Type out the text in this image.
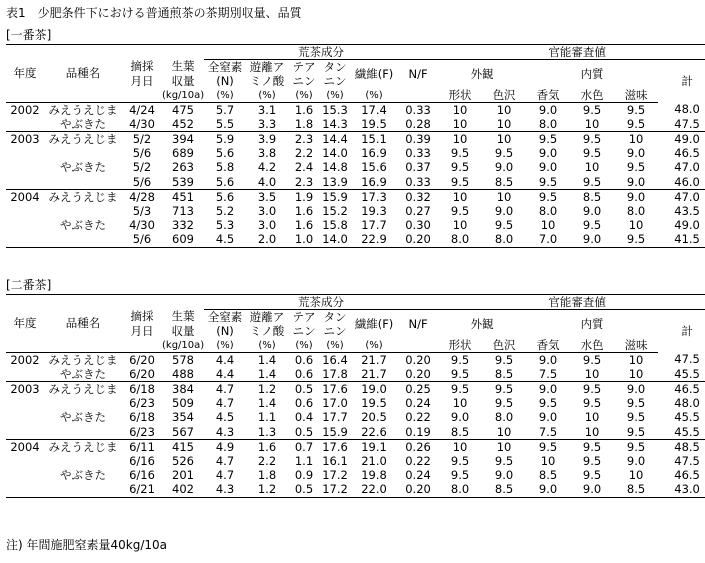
表1　少肥条件下における普通煎茶の茶期別収量、品質
[一番茶]
[二番茶]
				荒茶成分						官能審査値					
年度	品種名	摘採	生葉	全窒素	遊離ア	テア	タン	繊維(F)	N/F	外観		内質			計
		月日	収量	(N)	ミノ酸	ニン	ニン								
			(kg/10a)	(%)	(%)	(%)	(%)	(%)		形状	色沢	香気	水色	滋味	
2002	みえうえじま	4/24	475	5.7	3.1	1.6	15.3	17.4	0.33	10	10	9.0	9.5	9.5	48.0
	やぶきた	4/30	452	5.5	3.3	1.8	14.3	19.5	0.28	10	10	8.0	10	9.5	47.5
2003	みえうえじま	5/2	394	5.9	3.9	2.3	14.4	15.1	0.39	10	10	9.5	9.5	10	49.0
		5/6	689	5.6	3.8	2.2	14.0	16.9	0.33	9.5	9.5	9.0	9.5	9.0	46.5
	やぶきた	5/2	263	5.8	4.2	2.4	14.8	15.6	0.37	9.5	9.0	9.0	10	9.5	47.0
		5/6	539	5.6	4.0	2.3	13.9	16.9	0.33	9.5	8.5	9.5	9.5	9.0	46.0
2004	みえうえじま	4/28	451	5.6	3.5	1.9	15.9	17.3	0.32	10	10	9.5	8.5	9.0	47.0
		5/3	713	5.2	3.0	1.6	15.2	19.3	0.27	9.5	9.0	8.0	9.0	8.0	43.5
	やぶきた	4/30	332	5.3	3.0	1.6	15.8	17.7	0.30	10	9.5	10	9.5	10	49.0
		5/6	609	4.5	2.0	1.0	14.0	22.9	0.20	8.0	8.0	7.0	9.0	9.5	41.5
				荒茶成分						官能審査値					
年度	品種名	摘採	生葉	全窒素	遊離ア	テア	タン	繊維(F)	N/F	外観		内質			計
		月日	収量	(N)	ミノ酸	ニン	ニン								
			(kg/10a)	(%)	(%)	(%)	(%)	(%)		形状	色沢	香気	水色	滋味	
2002	みえうえじま	6/20	578	4.4	1.4	0.6	16.4	21.7	0.20	9.5	9.5	9.0	9.5	10	47.5
	やぶきた	6/20	488	4.4	1.4	0.6	17.8	21.7	0.20	9.5	8.5	7.5	10	10	45.5
2003	みえうえじま	6/18	384	4.7	1.2	0.5	17.6	19.0	0.25	9.5	9.5	9.0	9.5	9.0	46.5
		6/23	509	4.7	1.4	0.6	17.0	19.5	0.24	10	9.5	9.5	9.5	9.5	48.0
	やぶきた	6/18	354	4.5	1.1	0.4	17.7	20.5	0.22	9.0	8.0	9.0	10	9.5	45.5
		6/23	567	4.3	1.3	0.5	15.9	22.6	0.19	8.5	10	7.5	10	9.5	45.5
2004	みえうえじま	6/11	415	4.9	1.6	0.7	17.6	19.1	0.26	10	10	9.5	9.5	9.5	48.5
		6/16	526	4.7	2.2	1.1	16.1	21.0	0.22	9.5	9.5	10	9.5	9.0	47.5
	やぶきた	6/16	201	4.7	1.8	0.9	17.2	19.8	0.24	9.5	9.0	8.5	9.5	10	46.5
		6/21	402	4.3	1.2	0.5	17.2	22.0	0.20	8.0	8.5	9.0	9.0	8.5	43.0
注) 年間施肥窒素量40kg/10a
